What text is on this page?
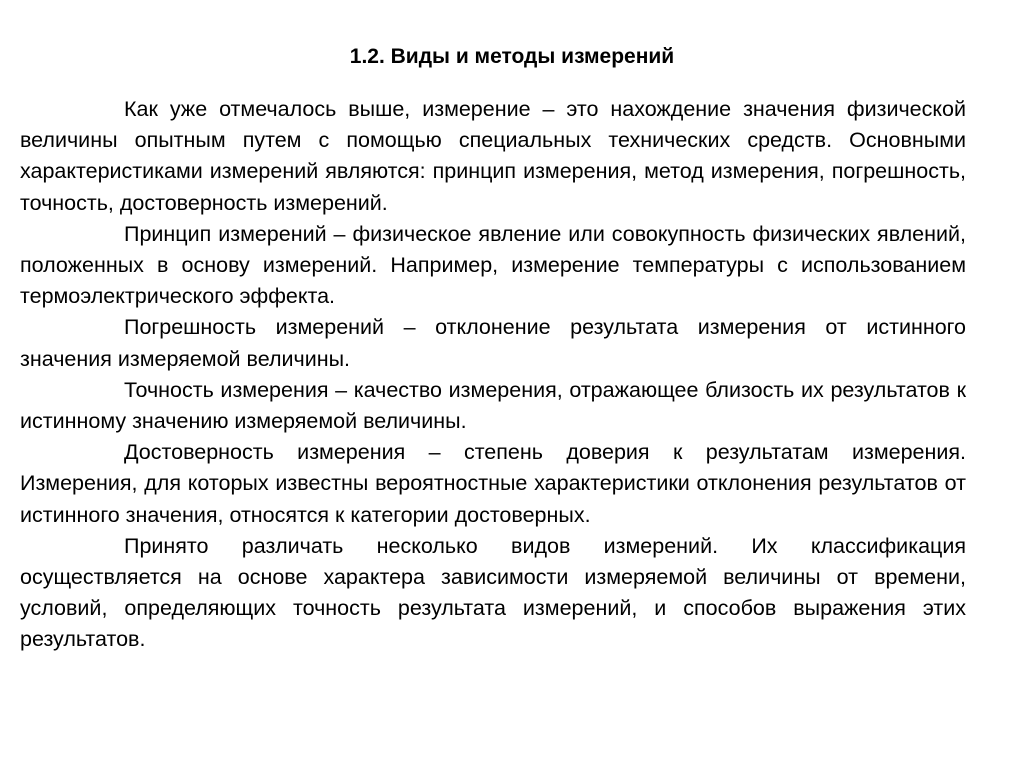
1.2. Виды и методы измерений

Как уже отмечалось выше, измерение – это нахождение значения физической величины опытным путем с помощью специальных технических средств. Основными характеристиками измерений являются: принцип измерения, метод измерения, погрешность, точность, достоверность измерений.

Принцип измерений – физическое явление или совокупность физических явлений, положенных в основу измерений. Например, измерение температуры с использованием термоэлектрического эффекта.

Погрешность измерений – отклонение результата измерения от истинного значения измеряемой величины.

Точность измерения – качество измерения, отражающее близость их результатов к истинному значению измеряемой величины.

Достоверность измерения – степень доверия к результатам измерения. Измерения, для которых известны вероятностные характеристики отклонения результатов от истинного значения, относятся к категории достоверных.

Принято различать несколько видов измерений. Их классификация осуществляется на основе характера зависимости измеряемой величины от времени, условий, определяющих точность результата измерений, и способов выражения этих результатов.
